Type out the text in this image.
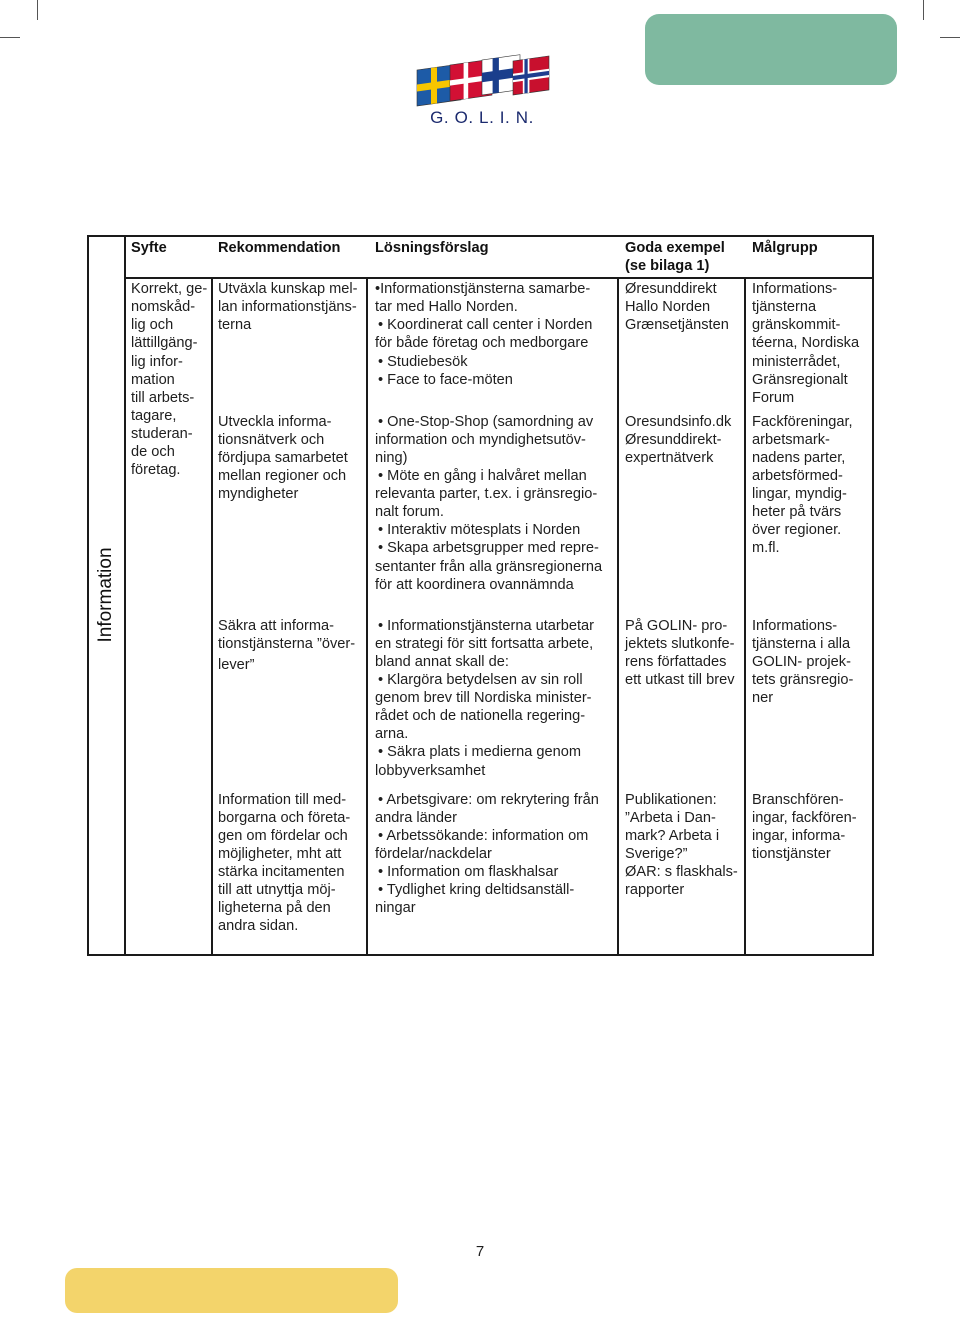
G. O. L. I. N.
Information
Syfte	Rekommendation Lösningsförslag	Goda exempel
(se bilaga 1)
Målgrupp
Korrekt, ge-
nomskåd-
lig och
lättillgäng-
lig infor-
mation
till arbets-
tagare,
studeran-
de och
företag.
Utväxla kunskap mel-
lan informationstjäns-
terna
•Informationstjänsterna samarbe-
tar med Hallo Norden.
• Koordinerat call center i Norden
för både företag och medborgare
• Studiebesök
• Face to face-möten
Øresunddirekt
Hallo Norden
Grænsetjänsten
Informations-
tjänsterna
gränskommit-
téerna, Nordiska
ministerrådet,
Gränsregionalt
Forum
Utveckla informa-
tionsnätverk och
fördjupa samarbetet
mellan regioner och
myndigheter
• One-Stop-Shop (samordning av
information och myndighetsutöv-
ning)
• Möte en gång i halvåret mellan
relevanta parter, t.ex. i gränsregio-
nalt forum.
• Interaktiv mötesplats i Norden
• Skapa arbetsgrupper med repre-
sentanter från alla gränsregionerna
för att koordinera ovannämnda
Oresundsinfo.dk
Øresunddirekt-
expertnätverk
Fackföreningar,
arbetsmark-
nadens parter,
arbetsförmed-
lingar, myndig-
heter på tvärs
över regioner.
m.fl.
Säkra att informa-
tionstjänsterna ”över-
lever”
• Informationstjänsterna utarbetar
en strategi för sitt fortsatta arbete,
bland annat skall de:
• Klargöra betydelsen av sin roll
genom brev till Nordiska minister-
rådet och de nationella regering-
arna.
• Säkra plats i medierna genom
lobbyverksamhet
På GOLIN- pro-
jektets slutkonfe-
rens författades
ett utkast till brev
Informations-
tjänsterna i alla
GOLIN- projek-
tets gränsregio-
ner
Information till med-
borgarna och företa-
gen om fördelar och
möjligheter, mht att
stärka incitamenten
till att utnyttja möj-
ligheterna på den
andra sidan.
• Arbetsgivare: om rekrytering från
andra länder
• Arbetssökande: information om
fördelar/nackdelar
• Information om flaskhalsar
• Tydlighet kring deltidsanställ-
ningar
Publikationen:
”Arbeta i Dan-
mark? Arbeta i
Sverige?”
ØAR: s flaskhals-
rapporter
Branschfören-
ingar, fackfören-
ingar, informa-
tionstjänster
7
